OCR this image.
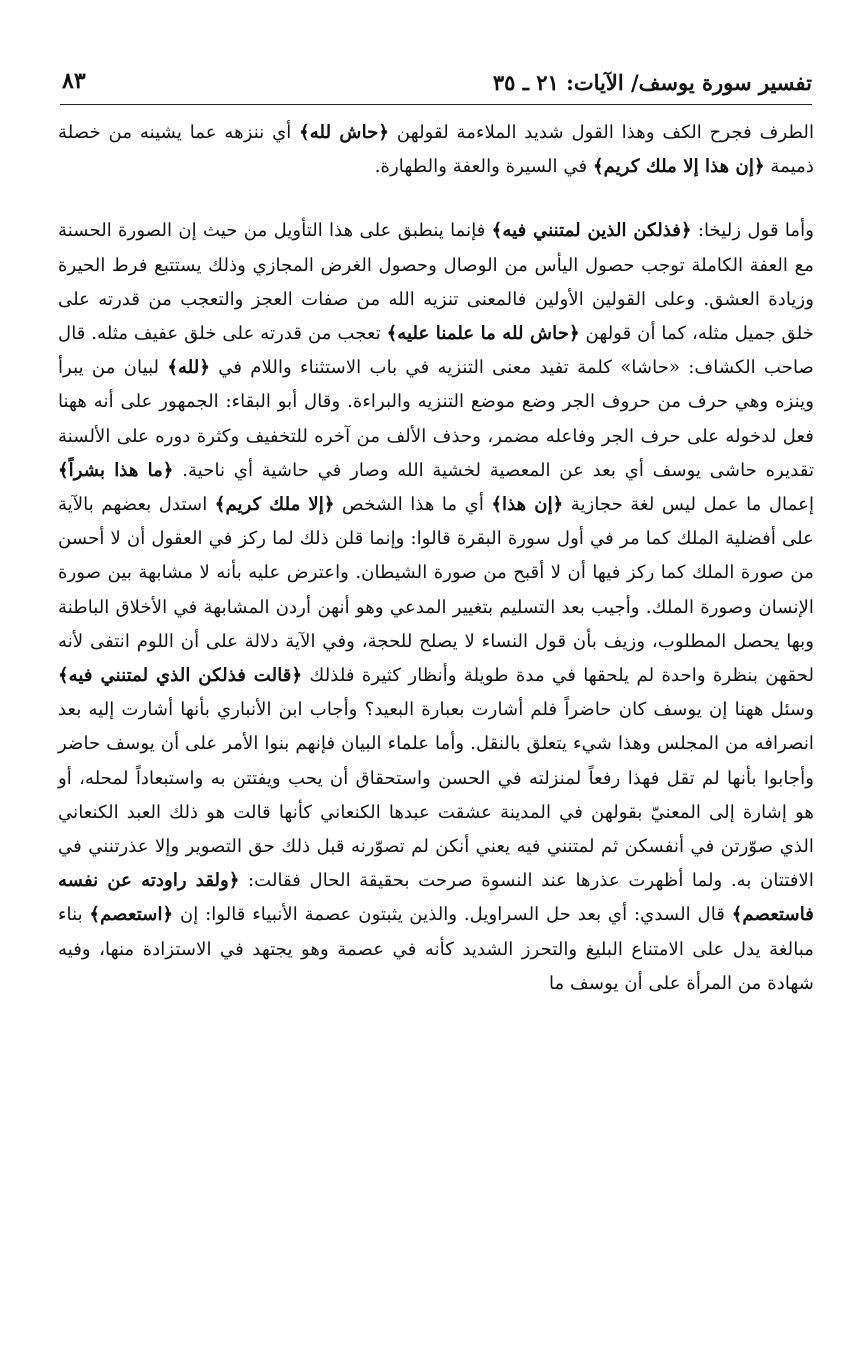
تفسير سورة يوسف/ الآيات: ٢١ ـ ٣٥
٨٣

الطرف فجرح الكف وهذا القول شديد الملاءمة لقولهن ﴿حاش لله﴾ أي ننزهه عما يشينه من خصلة ذميمة ﴿إن هذا إلا ملك كريم﴾ في السيرة والعفة والطهارة.

وأما قول زليخا: ﴿فذلكن الذين لمتنني فيه﴾ فإنما ينطبق على هذا التأويل من حيث إن الصورة الحسنة مع العفة الكاملة توجب حصول اليأس من الوصال وحصول الغرض المجازي وذلك يستتبع فرط الحيرة وزيادة العشق. وعلى القولين الأولين فالمعنى تنزيه الله من صفات العجز والتعجب من قدرته على خلق جميل مثله، كما أن قولهن ﴿حاش لله ما علمنا عليه﴾ تعجب من قدرته على خلق عفيف مثله. قال صاحب الكشاف: «حاشا» كلمة تفيد معنى التنزيه في باب الاستثناء واللام في ﴿لله﴾ لبيان من يبرأ وينزه وهي حرف من حروف الجر وضع موضع التنزيه والبراءة. وقال أبو البقاء: الجمهور على أنه ههنا فعل لدخوله على حرف الجر وفاعله مضمر، وحذف الألف من آخره للتخفيف وكثرة دوره على الألسنة تقديره حاشى يوسف أي بعد عن المعصية لخشية الله وصار في حاشية أي ناحية. ﴿ما هذا بشراً﴾ إعمال ما عمل ليس لغة حجازية ﴿إن هذا﴾ أي ما هذا الشخص ﴿إلا ملك كريم﴾ استدل بعضهم بالآية على أفضلية الملك كما مر في أول سورة البقرة قالوا: وإنما قلن ذلك لما ركز في العقول أن لا أحسن من صورة الملك كما ركز فيها أن لا أقبح من صورة الشيطان. واعترض عليه بأنه لا مشابهة بين صورة الإنسان وصورة الملك. وأجيب بعد التسليم بتغيير المدعي وهو أنهن أردن المشابهة في الأخلاق الباطنة وبها يحصل المطلوب، وزيف بأن قول النساء لا يصلح للحجة، وفي الآية دلالة على أن اللوم انتفى لأنه لحقهن بنظرة واحدة لم يلحقها في مدة طويلة وأنظار كثيرة فلذلك ﴿قالت فذلكن الذي لمتنني فيه﴾ وسئل ههنا إن يوسف كان حاضراً فلم أشارت بعبارة البعيد؟ وأجاب ابن الأنباري بأنها أشارت إليه بعد انصرافه من المجلس وهذا شيء يتعلق بالنقل. وأما علماء البيان فإنهم بنوا الأمر على أن يوسف حاضر وأجابوا بأنها لم تقل فهذا رفعاً لمنزلته في الحسن واستحقاق أن يحب ويفتتن به واستبعاداً لمحله، أو هو إشارة إلى المعنيّ بقولهن في المدينة عشقت عبدها الكنعاني كأنها قالت هو ذلك العبد الكنعاني الذي صوّرتن في أنفسكن ثم لمتنني فيه يعني أنكن لم تصوّرنه قبل ذلك حق التصوير وإلا عذرتنني في الافتتان به. ولما أظهرت عذرها عند النسوة صرحت بحقيقة الحال فقالت: ﴿ولقد راودته عن نفسه فاستعصم﴾ قال السدي: أي بعد حل السراويل. والذين يثبتون عصمة الأنبياء قالوا: إن ﴿استعصم﴾ بناء مبالغة يدل على الامتناع البليغ والتحرز الشديد كأنه في عصمة وهو يجتهد في الاستزادة منها، وفيه شهادة من المرأة على أن يوسف ما
